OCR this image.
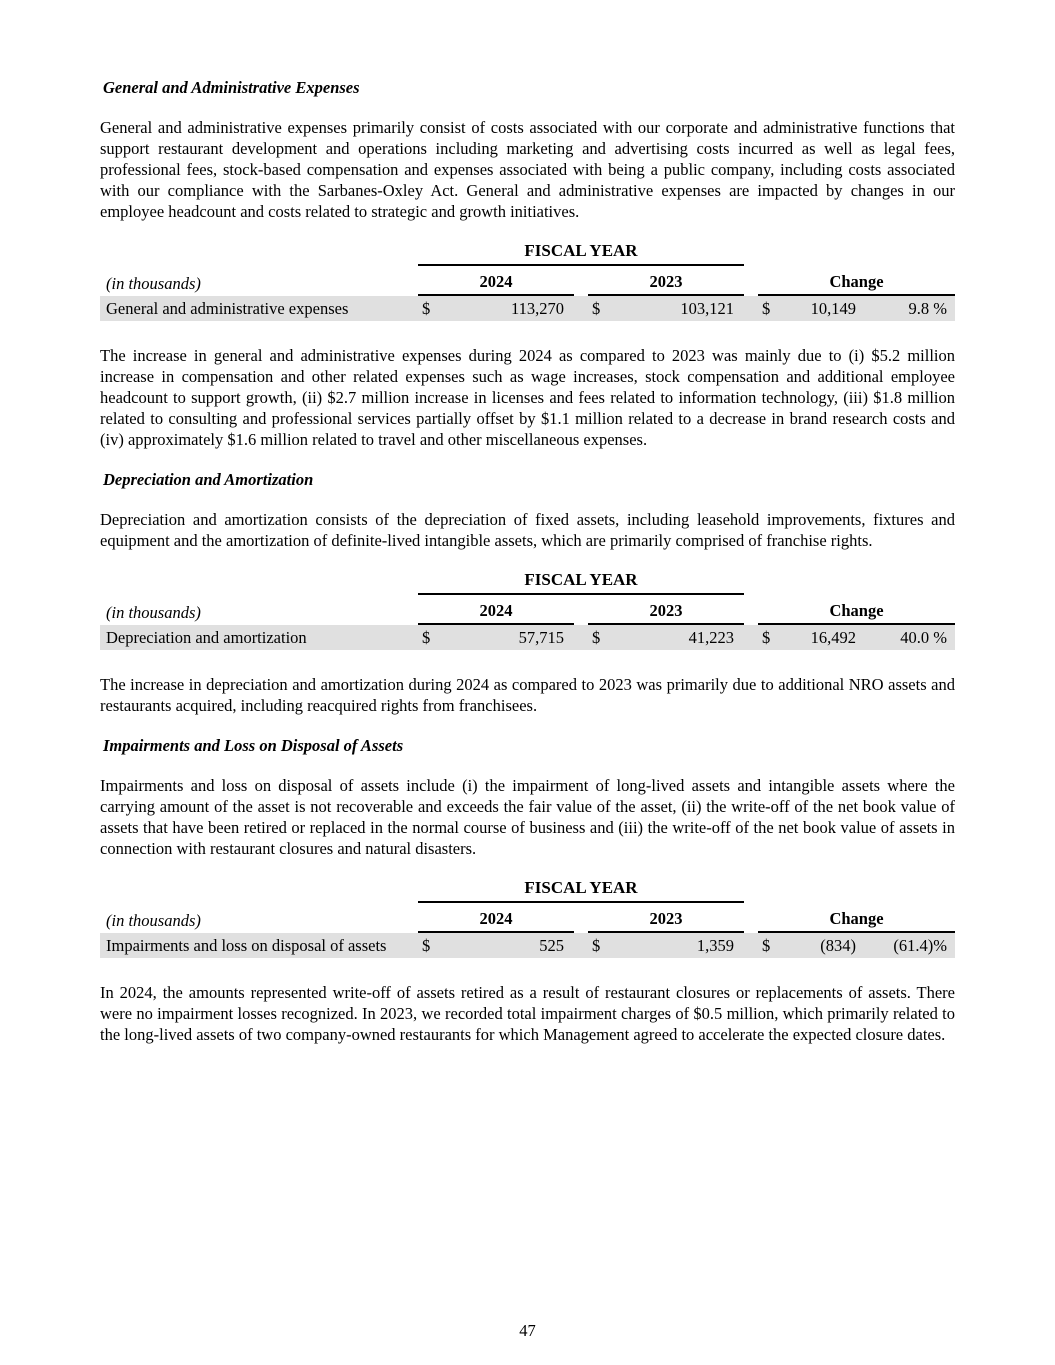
General and Administrative Expenses

General and administrative expenses primarily consist of costs associated with our corporate and administrative functions that support restaurant development and operations including marketing and advertising costs incurred as well as legal fees, professional fees, stock-based compensation and expenses associated with being a public company, including costs associated with our compliance with the Sarbanes-Oxley Act. General and administrative expenses are impacted by changes in our employee headcount and costs related to strategic and growth initiatives.

	FISCAL YEAR								
(in thousands)	2024			2023			Change		
General and administrative expenses	$	113,270		$	103,121		$	10,149	9.8 %

The increase in general and administrative expenses during 2024 as compared to 2023 was mainly due to (i) $5.2 million increase in compensation and other related expenses such as wage increases, stock compensation and additional employee headcount to support growth, (ii) $2.7 million increase in licenses and fees related to information technology, (iii) $1.8 million related to consulting and professional services partially offset by $1.1 million related to a decrease in brand research costs and (iv) approximately $1.6 million related to travel and other miscellaneous expenses.

Depreciation and Amortization

Depreciation and amortization consists of the depreciation of fixed assets, including leasehold improvements, fixtures and equipment and the amortization of definite-lived intangible assets, which are primarily comprised of franchise rights.

	FISCAL YEAR								
(in thousands)	2024			2023			Change		
Depreciation and amortization	$	57,715		$	41,223		$	16,492	40.0 %

The increase in depreciation and amortization during 2024 as compared to 2023 was primarily due to additional NRO assets and restaurants acquired, including reacquired rights from franchisees.

Impairments and Loss on Disposal of Assets

Impairments and loss on disposal of assets include (i) the impairment of long-lived assets and intangible assets where the carrying amount of the asset is not recoverable and exceeds the fair value of the asset, (ii) the write-off of the net book value of assets that have been retired or replaced in the normal course of business and (iii) the write-off of the net book value of assets in connection with restaurant closures and natural disasters.

	FISCAL YEAR								
(in thousands)	2024			2023			Change		
Impairments and loss on disposal of assets	$	525		$	1,359		$	(834)	(61.4)%

In 2024, the amounts represented write-off of assets retired as a result of restaurant closures or replacements of assets. There were no impairment losses recognized. In 2023, we recorded total impairment charges of $0.5 million, which primarily related to the long-lived assets of two company-owned restaurants for which Management agreed to accelerate the expected closure dates.

47
